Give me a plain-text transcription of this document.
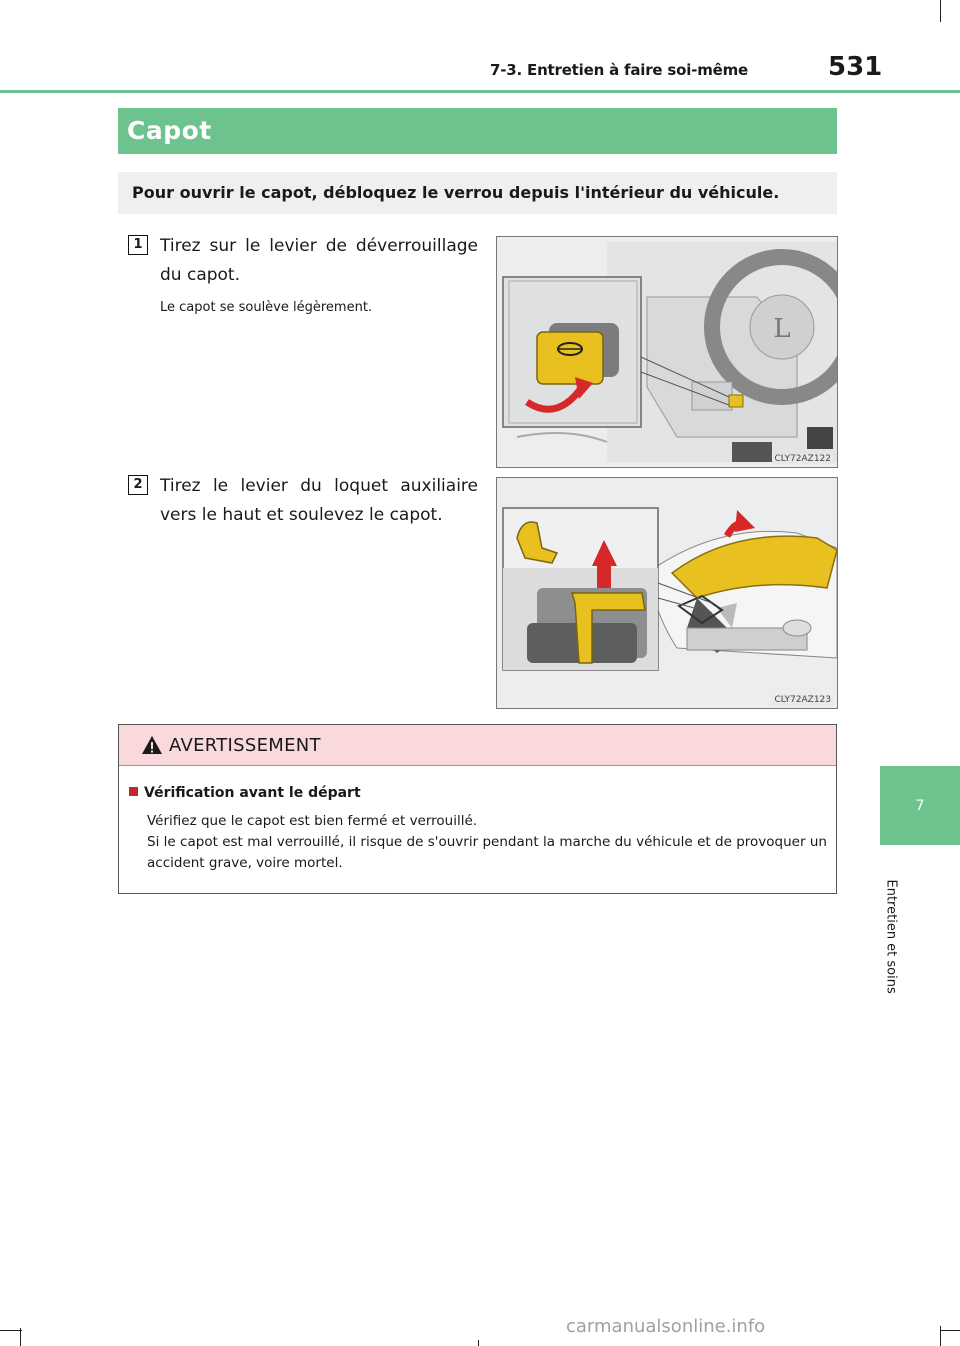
7-3. Entretien à faire soi-même	531
7
Entretien et soins
Capot
Pour ouvrir le capot, débloquez le verrou depuis l'intérieur du véhicule.
1	Tirez sur le levier de déverrouillage du capot.
Le capot se soulève légèrement.
L
CLY72AZ122
2	Tirez le levier du loquet auxiliaire vers le haut et soulevez le capot.
CLY72AZ123
AVERTISSEMENT
Vérification avant le départ
Vérifiez que le capot est bien fermé et verrouillé.
Si le capot est mal verrouillé, il risque de s'ouvrir pendant la marche du véhicule et de provoquer un accident grave, voire mortel.
carmanualsonline.info
